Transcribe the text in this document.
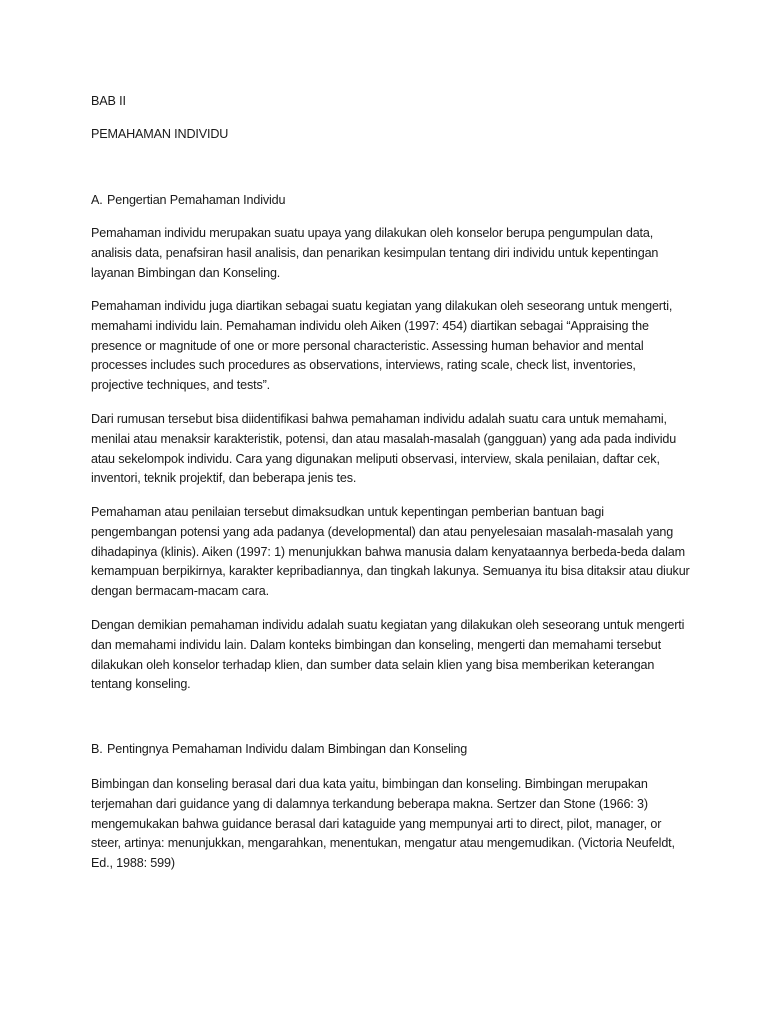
BAB II
PEMAHAMAN INDIVIDU
A. Pengertian Pemahaman Individu

Pemahaman individu merupakan suatu upaya yang dilakukan oleh konselor berupa pengumpulan data, analisis data, penafsiran hasil analisis, dan penarikan kesimpulan tentang diri individu untuk kepentingan layanan Bimbingan dan Konseling.

Pemahaman individu juga diartikan sebagai suatu kegiatan yang dilakukan oleh seseorang untuk mengerti, memahami individu lain. Pemahaman individu oleh Aiken (1997: 454) diartikan sebagai “Appraising the presence or magnitude of one or more personal characteristic. Assessing human behavior and mental processes includes such procedures as observations, interviews, rating scale, check list, inventories, projective techniques, and tests”.

Dari rumusan tersebut bisa diidentifikasi bahwa pemahaman individu adalah suatu cara untuk memahami, menilai atau menaksir karakteristik, potensi, dan atau masalah-masalah (gangguan) yang ada pada individu atau sekelompok individu. Cara yang digunakan meliputi observasi, interview, skala penilaian, daftar cek, inventori, teknik projektif, dan beberapa jenis tes.

Pemahaman atau penilaian tersebut dimaksudkan untuk kepentingan pemberian bantuan bagi pengembangan potensi yang ada padanya (developmental) dan atau penyelesaian masalah-masalah yang dihadapinya (klinis). Aiken (1997: 1) menunjukkan bahwa manusia dalam kenyataannya berbeda-beda dalam kemampuan berpikirnya, karakter kepribadiannya, dan tingkah lakunya. Semuanya itu bisa ditaksir atau diukur dengan bermacam-macam cara.

Dengan demikian pemahaman individu adalah suatu kegiatan yang dilakukan oleh seseorang untuk mengerti dan memahami individu lain. Dalam konteks bimbingan dan konseling, mengerti dan memahami tersebut dilakukan oleh konselor terhadap klien, dan sumber data selain klien yang bisa memberikan keterangan tentang konseling.

B. Pentingnya Pemahaman Individu dalam Bimbingan dan Konseling

Bimbingan dan konseling berasal dari dua kata yaitu, bimbingan dan konseling. Bimbingan merupakan terjemahan dari guidance yang di dalamnya terkandung beberapa makna. Sertzer dan Stone (1966: 3) mengemukakan bahwa guidance berasal dari kataguide yang mempunyai arti to direct, pilot, manager, or steer, artinya: menunjukkan, mengarahkan, menentukan, mengatur atau mengemudikan. (Victoria Neufeldt, Ed., 1988: 599)
